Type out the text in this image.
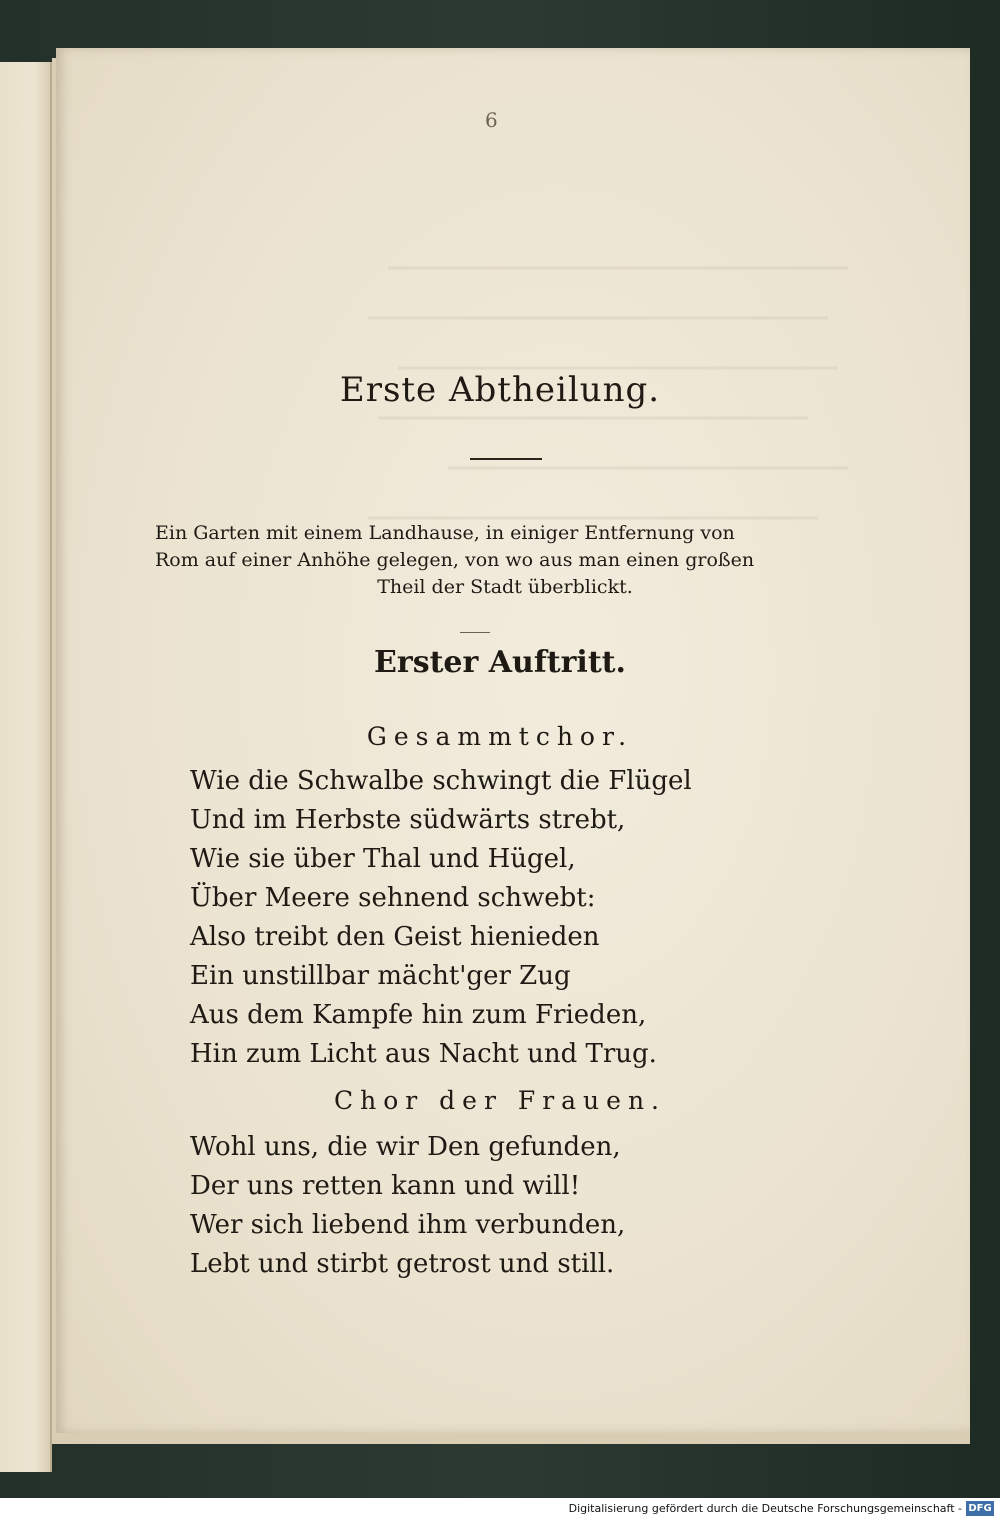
6
Erste Abtheilung.
Ein Garten mit einem Landhause, in einiger Entfernung von
Rom auf einer Anhöhe gelegen, von wo aus man einen großen
Theil der Stadt überblickt.
Erster Auftritt.
Gesammtchor.
Wie die Schwalbe schwingt die Flügel
Und im Herbste südwärts strebt,
Wie sie über Thal und Hügel,
Über Meere sehnend schwebt:
Also treibt den Geist hienieden
Ein unstillbar mächt'ger Zug
Aus dem Kampfe hin zum Frieden,
Hin zum Licht aus Nacht und Trug.
Chor der Frauen.
Wohl uns, die wir Den gefunden,
Der uns retten kann und will!
Wer sich liebend ihm verbunden,
Lebt und stirbt getrost und still.
Digitalisierung gefördert durch die Deutsche Forschungsgemeinschaft - DFG
